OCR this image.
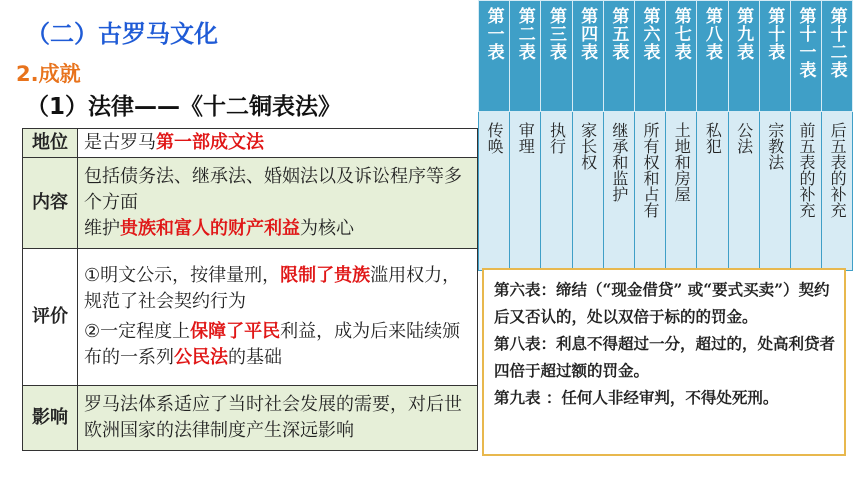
（二）古罗马文化
2.成就
（1）法律——《十二铜表法》
地位	是古罗马第一部成文法
内容	包括债务法、继承法、婚姻法以及诉讼程序等多个方面
维护贵族和富人的财产利益为核心

评价	①明文公示，按律量刑，限制了贵族滥用权力，规范了社会契约行为
②一定程度上保障了平民利益，成为后来陆续颁布的一系列公民法的基础

影响	罗马法体系适应了当时社会发展的需要，对后世欧洲国家的法律制度产生深远影响
第一表	第二表	第三表	第四表	第五表	第六表	第七表	第八表	第九表	第十表	第十一表	第十二表
传唤	审理	执行	家长权	继承和监护	所有权和占有	土地和房屋	私犯	公法	宗教法	前五表的补充	后五表的补充

第六表：缔结（“现金借贷” 或“要式买卖”）契约后又否认的，处以双倍于标的的罚金。

第八表：利息不得超过一分，超过的，处高利贷者四倍于超过额的罚金。

第九表 ：任何人非经审判，不得处死刑。
